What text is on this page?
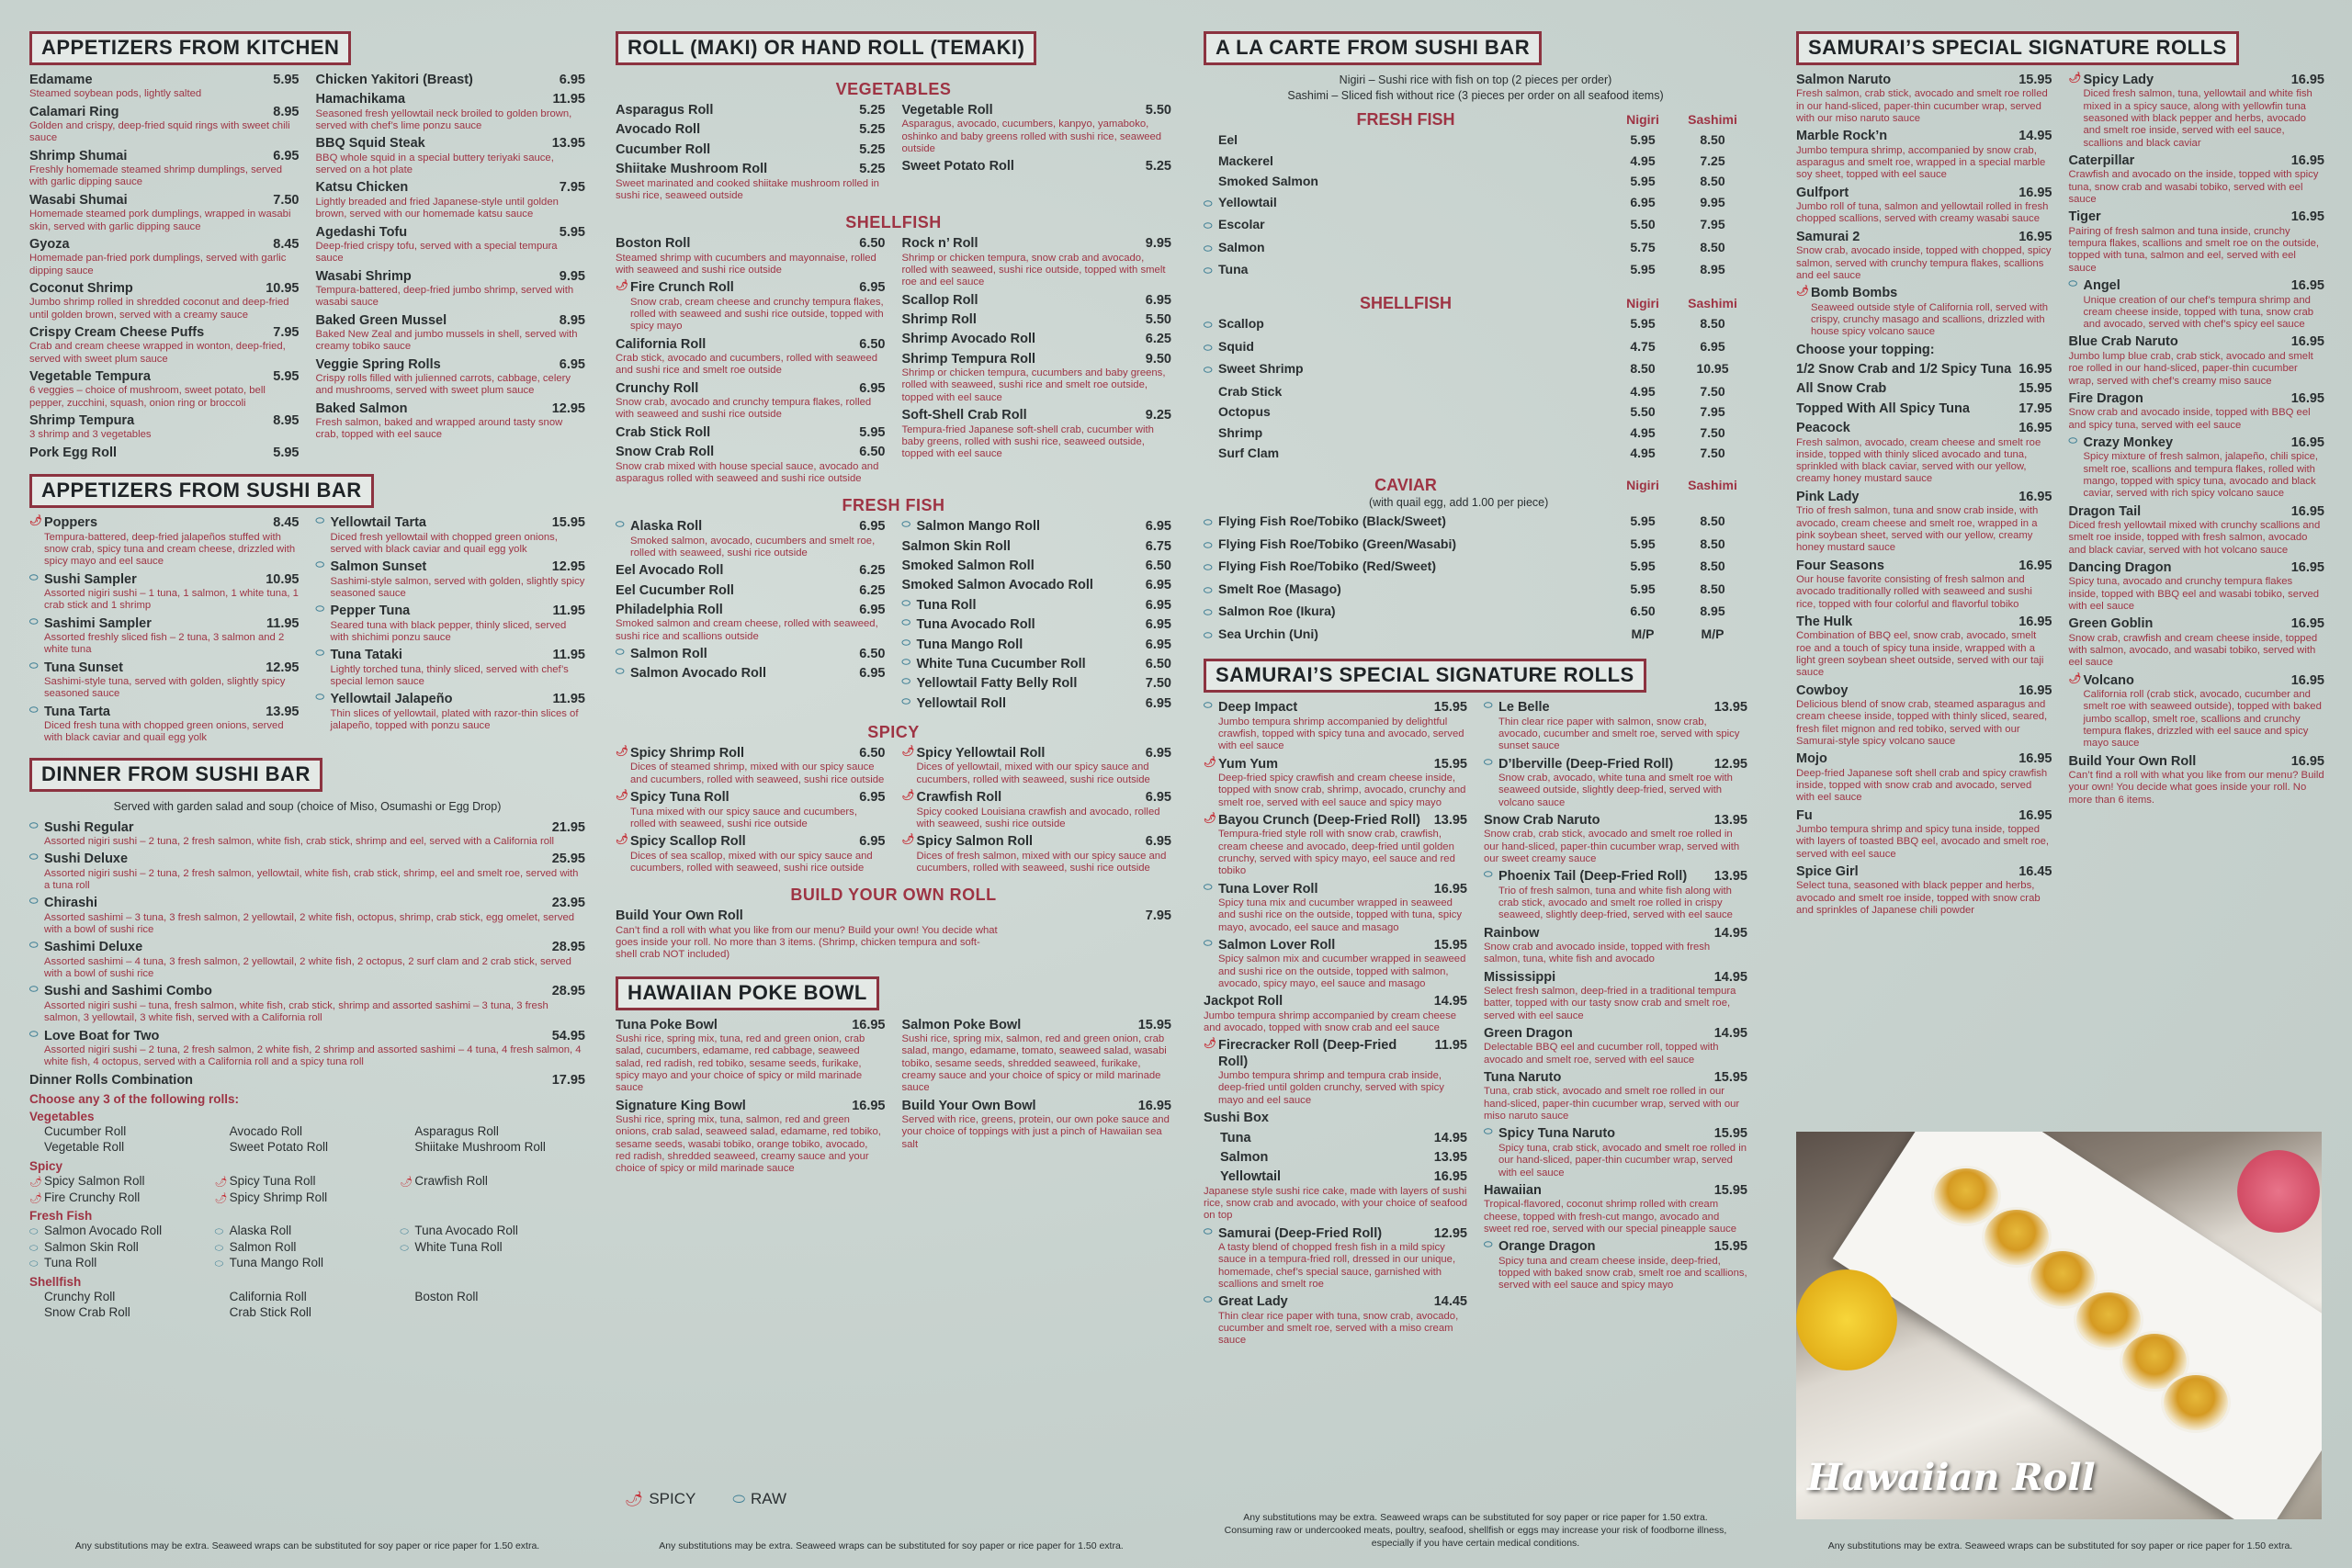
APPETIZERS FROM KITCHEN
Edamame	5.95
Steamed soybean pods, lightly salted
Calamari Ring	8.95
Golden and crispy, deep-fried squid rings with sweet chili sauce
Shrimp Shumai	6.95
Freshly homemade steamed shrimp dumplings, served with garlic dipping sauce
Wasabi Shumai	7.50
Homemade steamed pork dumplings, wrapped in wasabi skin, served with garlic dipping sauce
Gyoza	8.45
Homemade pan-fried pork dumplings, served with garlic dipping sauce
Coconut Shrimp	10.95
Jumbo shrimp rolled in shredded coconut and deep-fried until golden brown, served with a creamy sauce
Crispy Cream Cheese Puffs	7.95
Crab and cream cheese wrapped in wonton, deep-fried, served with sweet plum sauce
Vegetable Tempura	5.95
6 veggies – choice of mushroom, sweet potato, bell pepper, zucchini, squash, onion ring or broccoli
Shrimp Tempura	8.95
3 shrimp and 3 vegetables
Pork Egg Roll	5.95
Chicken Yakitori (Breast)	6.95
Hamachikama	11.95
Seasoned fresh yellowtail neck broiled to golden brown, served with chef’s lime ponzu sauce
BBQ Squid Steak	13.95
BBQ whole squid in a special buttery teriyaki sauce, served on a hot plate
Katsu Chicken	7.95
Lightly breaded and fried Japanese-style until golden brown, served with our homemade katsu sauce
Agedashi Tofu	5.95
Deep-fried crispy tofu, served with a special tempura sauce
Wasabi Shrimp	9.95
Tempura-battered, deep-fried jumbo shrimp, served with wasabi sauce
Baked Green Mussel	8.95
Baked New Zeal and jumbo mussels in shell, served with creamy tobiko sauce
Veggie Spring Rolls	6.95
Crispy rolls filled with julienned carrots, cabbage, celery and mushrooms, served with sweet plum sauce
Baked Salmon	12.95
Fresh salmon, baked and wrapped around tasty snow crab, topped with eel sauce
APPETIZERS FROM SUSHI BAR
🌶︎ Poppers	8.45
Tempura-battered, deep-fried jalapeños stuffed with snow crab, spicy tuna and cream cheese, drizzled with spicy mayo and eel sauce
⬭ Sushi Sampler	10.95
Assorted nigiri sushi – 1 tuna, 1 salmon, 1 white tuna, 1 crab stick and 1 shrimp
⬭ Sashimi Sampler	11.95
Assorted freshly sliced fish – 2 tuna, 3 salmon and 2 white tuna
⬭ Tuna Sunset	12.95
Sashimi-style tuna, served with golden, slightly spicy seasoned sauce
⬭ Tuna Tarta	13.95
Diced fresh tuna with chopped green onions, served with black caviar and quail egg yolk
⬭ Yellowtail Tarta	15.95
Diced fresh yellowtail with chopped green onions, served with black caviar and quail egg yolk
⬭ Salmon Sunset	12.95
Sashimi-style salmon, served with golden, slightly spicy seasoned sauce
⬭ Pepper Tuna	11.95
Seared tuna with black pepper, thinly sliced, served with shichimi ponzu sauce
⬭ Tuna Tataki	11.95
Lightly torched tuna, thinly sliced, served with chef’s special lemon sauce
⬭ Yellowtail Jalapeño	11.95
Thin slices of yellowtail, plated with razor-thin slices of jalapeño, topped with ponzu sauce
DINNER FROM SUSHI BAR
Served with garden salad and soup (choice of Miso, Osumashi or Egg Drop)
⬭ Sushi Regular	21.95
Assorted nigiri sushi – 2 tuna, 2 fresh salmon, white fish, crab stick, shrimp and eel, served with a California roll
⬭ Sushi Deluxe	25.95
Assorted nigiri sushi – 2 tuna, 2 fresh salmon, yellowtail, white fish, crab stick, shrimp, eel and smelt roe, served with a tuna roll
⬭ Chirashi	23.95
Assorted sashimi – 3 tuna, 3 fresh salmon, 2 yellowtail, 2 white fish, octopus, shrimp, crab stick, egg omelet, served with a bowl of sushi rice
⬭ Sashimi Deluxe	28.95
Assorted sashimi – 4 tuna, 3 fresh salmon, 2 yellowtail, 2 white fish, 2 octopus, 2 surf clam and 2 crab stick, served with a bowl of sushi rice
⬭ Sushi and Sashimi Combo	28.95
Assorted nigiri sushi – tuna, fresh salmon, white fish, crab stick, shrimp and assorted sashimi – 3 tuna, 3 fresh salmon, 3 yellowtail, 3 white fish, served with a California roll
⬭ Love Boat for Two	54.95
Assorted nigiri sushi – 2 tuna, 2 fresh salmon, 2 white fish, 2 shrimp and assorted sashimi – 4 tuna, 4 fresh salmon, 4 white fish, 4 octopus, served with a California roll and a spicy tuna roll
Dinner Rolls Combination	17.95
Choose any 3 of the following rolls:
Vegetables
Cucumber Roll	Avocado Roll	Asparagus Roll
Vegetable Roll	Sweet Potato Roll	Shiitake Mushroom Roll
Spicy
🌶︎ Spicy Salmon Roll	🌶︎ Spicy Tuna Roll	🌶︎ Crawfish Roll
🌶︎ Fire Crunchy Roll	🌶︎ Spicy Shrimp Roll
Fresh Fish
⬭ Salmon Avocado Roll	⬭ Alaska Roll	⬭ Tuna Avocado Roll
⬭ Salmon Skin Roll	⬭ Salmon Roll	⬭ White Tuna Roll
⬭ Tuna Roll	⬭ Tuna Mango Roll
Shellfish
Crunchy Roll	California Roll	Boston Roll
Snow Crab Roll	Crab Stick Roll
ROLL (MAKI) OR HAND ROLL (TEMAKI)
VEGETABLES
Asparagus Roll	5.25
Avocado Roll	5.25
Cucumber Roll	5.25
Shiitake Mushroom Roll	5.25
Sweet marinated and cooked shiitake mushroom rolled in sushi rice, seaweed outside
Vegetable Roll	5.50
Asparagus, avocado, cucumbers, kanpyo, yamaboko, oshinko and baby greens rolled with sushi rice, seaweed outside
Sweet Potato Roll	5.25
SHELLFISH
Boston Roll	6.50
Steamed shrimp with cucumbers and mayonnaise, rolled with seaweed and sushi rice outside
🌶︎ Fire Crunch Roll	6.95
Snow crab, cream cheese and crunchy tempura flakes, rolled with seaweed and sushi rice outside, topped with spicy mayo
California Roll	6.50
Crab stick, avocado and cucumbers, rolled with seaweed and sushi rice and smelt roe outside
Crunchy Roll	6.95
Snow crab, avocado and crunchy tempura flakes, rolled with seaweed and sushi rice outside
Crab Stick Roll	5.95
Snow Crab Roll	6.50
Snow crab mixed with house special sauce, avocado and asparagus rolled with seaweed and sushi rice outside
Rock n’ Roll	9.95
Shrimp or chicken tempura, snow crab and avocado, rolled with seaweed, sushi rice outside, topped with smelt roe and eel sauce
Scallop Roll	6.95
Shrimp Roll	5.50
Shrimp Avocado Roll	6.25
Shrimp Tempura Roll	9.50
Shrimp or chicken tempura, cucumbers and baby greens, rolled with seaweed, sushi rice and smelt roe outside, topped with eel sauce
Soft-Shell Crab Roll	9.25
Tempura-fried Japanese soft-shell crab, cucumber with baby greens, rolled with sushi rice, seaweed outside, topped with eel sauce
FRESH FISH
⬭ Alaska Roll	6.95
Smoked salmon, avocado, cucumbers and smelt roe, rolled with seaweed, sushi rice outside
Eel Avocado Roll	6.25
Eel Cucumber Roll	6.25
Philadelphia Roll	6.95
Smoked salmon and cream cheese, rolled with seaweed, sushi rice and scallions outside
⬭ Salmon Roll	6.50
⬭ Salmon Avocado Roll	6.95
⬭ Salmon Mango Roll	6.95
Salmon Skin Roll	6.75
Smoked Salmon Roll	6.50
Smoked Salmon Avocado Roll	6.95
⬭ Tuna Roll	6.95
⬭ Tuna Avocado Roll	6.95
⬭ Tuna Mango Roll	6.95
⬭ White Tuna Cucumber Roll	6.50
⬭ Yellowtail Fatty Belly Roll	7.50
⬭ Yellowtail Roll	6.95
SPICY
🌶︎ Spicy Shrimp Roll	6.50
Dices of steamed shrimp, mixed with our spicy sauce and cucumbers, rolled with seaweed, sushi rice outside
🌶︎ Spicy Tuna Roll	6.95
Tuna mixed with our spicy sauce and cucumbers, rolled with seaweed, sushi rice outside
🌶︎ Spicy Scallop Roll	6.95
Dices of sea scallop, mixed with our spicy sauce and cucumbers, rolled with seaweed, sushi rice outside
🌶︎ Spicy Yellowtail Roll	6.95
Dices of yellowtail, mixed with our spicy sauce and cucumbers, rolled with seaweed, sushi rice outside
🌶︎ Crawfish Roll	6.95
Spicy cooked Louisiana crawfish and avocado, rolled with seaweed, sushi rice outside
🌶︎ Spicy Salmon Roll	6.95
Dices of fresh salmon, mixed with our spicy sauce and cucumbers, rolled with seaweed, sushi rice outside
BUILD YOUR OWN ROLL
Build Your Own Roll	7.95
Can’t find a roll with what you like from our menu? Build your own! You decide what goes inside your roll. No more than 3 items. (Shrimp, chicken tempura and soft-shell crab NOT included)
HAWAIIAN POKE BOWL
Tuna Poke Bowl	16.95
Sushi rice, spring mix, tuna, red and green onion, crab salad, cucumbers, edamame, red cabbage, seaweed salad, red radish, red tobiko, sesame seeds, furikake, spicy mayo and your choice of spicy or mild marinade sauce
Signature King Bowl	16.95
Sushi rice, spring mix, tuna, salmon, red and green onions, crab salad, seaweed salad, edamame, red tobiko, sesame seeds, wasabi tobiko, orange tobiko, avocado, red radish, shredded seaweed, creamy sauce and your choice of spicy or mild marinade sauce
Salmon Poke Bowl	15.95
Sushi rice, spring mix, salmon, red and green onion, crab salad, mango, edamame, tomato, seaweed salad, wasabi tobiko, sesame seeds, shredded seaweed, furikake, creamy sauce and your choice of spicy or mild marinade sauce
Build Your Own Bowl	16.95
Served with rice, greens, protein, our own poke sauce and your choice of toppings with just a pinch of Hawaiian sea salt
🌶︎ SPICY	⬭ RAW
A LA CARTE FROM SUSHI BAR
Nigiri – Sushi rice with fish on top (2 pieces per order)
Sashimi – Sliced fish without rice (3 pieces per order on all seafood items)
FRESH FISH	Nigiri	Sashimi
Eel	5.95	8.50
Mackerel	4.95	7.25
Smoked Salmon	5.95	8.50
⬭ Yellowtail	6.95	9.95
⬭ Escolar	5.50	7.95
⬭ Salmon	5.75	8.50
⬭ Tuna	5.95	8.95
SHELLFISH	Nigiri	Sashimi
⬭ Scallop	5.95	8.50
⬭ Squid	4.75	6.95
⬭ Sweet Shrimp	8.50	10.95
Crab Stick	4.95	7.50
Octopus	5.50	7.95
Shrimp	4.95	7.50
Surf Clam	4.95	7.50
CAVIAR	Nigiri	Sashimi
(with quail egg, add 1.00 per piece)
⬭ Flying Fish Roe/Tobiko (Black/Sweet)	5.95	8.50
⬭ Flying Fish Roe/Tobiko (Green/Wasabi)	5.95	8.50
⬭ Flying Fish Roe/Tobiko (Red/Sweet)	5.95	8.50
⬭ Smelt Roe (Masago)	5.95	8.50
⬭ Salmon Roe (Ikura)	6.50	8.95
⬭ Sea Urchin (Uni)	M/P	M/P
SAMURAI’S SPECIAL SIGNATURE ROLLS
⬭ Deep Impact	15.95
Jumbo tempura shrimp accompanied by delightful crawfish, topped with spicy tuna and avocado, served with eel sauce
🌶︎ Yum Yum	15.95
Deep-fried spicy crawfish and cream cheese inside, topped with snow crab, shrimp, avocado, crunchy and smelt roe, served with eel sauce and spicy mayo
🌶︎ Bayou Crunch (Deep-Fried Roll)	13.95
Tempura-fried style roll with snow crab, crawfish, cream cheese and avocado, deep-fried until golden crunchy, served with spicy mayo, eel sauce and red tobiko
⬭ Tuna Lover Roll	16.95
Spicy tuna mix and cucumber wrapped in seaweed and sushi rice on the outside, topped with tuna, spicy mayo, avocado, eel sauce and masago
⬭ Salmon Lover Roll	15.95
Spicy salmon mix and cucumber wrapped in seaweed and sushi rice on the outside, topped with salmon, avocado, spicy mayo, eel sauce and masago
Jackpot Roll	14.95
Jumbo tempura shrimp accompanied by cream cheese and avocado, topped with snow crab and eel sauce
🌶︎ Firecracker Roll (Deep-Fried Roll)
11.95
Jumbo tempura shrimp and tempura crab inside, deep-fried until golden crunchy, served with spicy mayo and eel sauce
Sushi Box
Tuna	14.95
Salmon	13.95
Yellowtail	16.95
Japanese style sushi rice cake, made with layers of sushi rice, snow crab and avocado, with your choice of seafood on top
⬭ Samurai (Deep-Fried Roll)	12.95
A tasty blend of chopped fresh fish in a mild spicy sauce in a tempura-fried roll, dressed in our unique, homemade, chef’s special sauce, garnished with scallions and smelt roe
⬭ Great Lady	14.45
Thin clear rice paper with tuna, snow crab, avocado, cucumber and smelt roe, served with a miso cream sauce
⬭ Le Belle	13.95
Thin clear rice paper with salmon, snow crab, avocado, cucumber and smelt roe, served with spicy sunset sauce
⬭ D’Iberville (Deep-Fried Roll)	12.95
Snow crab, avocado, white tuna and smelt roe with seaweed outside, slightly deep-fried, served with volcano sauce
Snow Crab Naruto	13.95
Snow crab, crab stick, avocado and smelt roe rolled in our hand-sliced, paper-thin cucumber wrap, served with our sweet creamy sauce
⬭ Phoenix Tail (Deep-Fried Roll)	13.95
Trio of fresh salmon, tuna and white fish along with crab stick, avocado and smelt roe rolled in crispy seaweed, slightly deep-fried, served with eel sauce
Rainbow	14.95
Snow crab and avocado inside, topped with fresh salmon, tuna, white fish and avocado
Mississippi	14.95
Select fresh salmon, deep-fried in a traditional tempura batter, topped with our tasty snow crab and smelt roe, served with eel sauce
Green Dragon	14.95
Delectable BBQ eel and cucumber roll, topped with avocado and smelt roe, served with eel sauce
Tuna Naruto	15.95
Tuna, crab stick, avocado and smelt roe rolled in our hand-sliced, paper-thin cucumber wrap, served with our miso naruto sauce
⬭ Spicy Tuna Naruto	15.95
Spicy tuna, crab stick, avocado and smelt roe rolled in our hand-sliced, paper-thin cucumber wrap, served with eel sauce
Hawaiian	15.95
Tropical-flavored, coconut shrimp rolled with cream cheese, topped with fresh-cut mango, avocado and sweet red roe, served with our special pineapple sauce
⬭ Orange Dragon	15.95
Spicy tuna and cream cheese inside, deep-fried, topped with baked snow crab, smelt roe and scallions, served with eel sauce and spicy mayo
SAMURAI’S SPECIAL SIGNATURE ROLLS
Salmon Naruto	15.95
Fresh salmon, crab stick, avocado and smelt roe rolled in our hand-sliced, paper-thin cucumber wrap, served with our miso naruto sauce
Marble Rock’n	14.95
Jumbo tempura shrimp, accompanied by snow crab, asparagus and smelt roe, wrapped in a special marble soy sheet, topped with eel sauce
Gulfport	16.95
Jumbo roll of tuna, salmon and yellowtail rolled in fresh chopped scallions, served with creamy wasabi sauce
Samurai 2	16.95
Snow crab, avocado inside, topped with chopped, spicy salmon, served with crunchy tempura flakes, scallions and eel sauce
🌶︎ Bomb Bombs
Seaweed outside style of California roll, served with crispy, crunchy masago and scallions, drizzled with house spicy volcano sauce
Choose your topping:
1/2 Snow Crab and 1/2 Spicy Tuna 16.95
All Snow Crab	15.95
Topped With All Spicy Tuna	17.95
Peacock	16.95
Fresh salmon, avocado, cream cheese and smelt roe inside, topped with thinly sliced avocado and tuna, sprinkled with black caviar, served with our yellow, creamy honey mustard sauce
Pink Lady	16.95
Trio of fresh salmon, tuna and snow crab inside, with avocado, cream cheese and smelt roe, wrapped in a pink soybean sheet, served with our yellow, creamy honey mustard sauce
Four Seasons	16.95
Our house favorite consisting of fresh salmon and avocado traditionally rolled with seaweed and sushi rice, topped with four colorful and flavorful tobiko
The Hulk	16.95
Combination of BBQ eel, snow crab, avocado, smelt roe and a touch of spicy tuna inside, wrapped with a light green soybean sheet outside, served with our taji sauce
Cowboy	16.95
Delicious blend of snow crab, steamed asparagus and cream cheese inside, topped with thinly sliced, seared, fresh filet mignon and red tobiko, served with our Samurai-style spicy volcano sauce
Mojo	16.95
Deep-fried Japanese soft shell crab and spicy crawfish inside, topped with snow crab and avocado, served with eel sauce
Fu	16.95
Jumbo tempura shrimp and spicy tuna inside, topped with layers of toasted BBQ eel, avocado and smelt roe, served with eel sauce
Spice Girl	16.45
Select tuna, seasoned with black pepper and herbs, avocado and smelt roe inside, topped with snow crab and sprinkles of Japanese chili powder
🌶︎ Spicy Lady	16.95
Diced fresh salmon, tuna, yellowtail and white fish mixed in a spicy sauce, along with yellowfin tuna seasoned with black pepper and herbs, avocado and smelt roe inside, served with eel sauce, scallions and black caviar
Caterpillar	16.95
Crawfish and avocado on the inside, topped with spicy tuna, snow crab and wasabi tobiko, served with eel sauce
Tiger	16.95
Pairing of fresh salmon and tuna inside, crunchy tempura flakes, scallions and smelt roe on the outside, topped with tuna, salmon and eel, served with eel sauce
⬭ Angel	16.95
Unique creation of our chef’s tempura shrimp and cream cheese inside, topped with tuna, snow crab and avocado, served with chef’s spicy eel sauce
Blue Crab Naruto	16.95
Jumbo lump blue crab, crab stick, avocado and smelt roe rolled in our hand-sliced, paper-thin cucumber wrap, served with chef’s creamy miso sauce
Fire Dragon	16.95
Snow crab and avocado inside, topped with BBQ eel and spicy tuna, served with eel sauce
⬭ Crazy Monkey	16.95
Spicy mixture of fresh salmon, jalapeño, chili spice, smelt roe, scallions and tempura flakes, rolled with mango, topped with spicy tuna, avocado and black caviar, served with rich spicy volcano sauce
Dragon Tail	16.95
Diced fresh yellowtail mixed with crunchy scallions and smelt roe inside, topped with fresh salmon, avocado and black caviar, served with hot volcano sauce
Dancing Dragon	16.95
Spicy tuna, avocado and crunchy tempura flakes inside, topped with BBQ eel and wasabi tobiko, served with eel sauce
Green Goblin	16.95
Snow crab, crawfish and cream cheese inside, topped with salmon, avocado, and wasabi tobiko, served with eel sauce
🌶︎ Volcano	16.95
California roll (crab stick, avocado, cucumber and smelt roe with seaweed outside), topped with baked jumbo scallop, smelt roe, scallions and crunchy tempura flakes, drizzled with eel sauce and spicy mayo sauce
Build Your Own Roll	16.95
Can’t find a roll with what you like from our menu? Build your own! You decide what goes inside your roll. No more than 6 items.
Hawaiian Roll
Any substitutions may be extra. Seaweed wraps can be substituted for soy paper or rice paper for 1.50 extra.	Any substitutions may be extra. Seaweed wraps can be substituted for soy paper or rice paper for 1.50 extra.
Any substitutions may be extra. Seaweed wraps can be substituted for soy paper or rice paper for 1.50 extra.
Consuming raw or undercooked meats, poultry, seafood, shellfish or eggs may increase your risk of foodborne illness, especially if you have certain medical conditions.	Any substitutions may be extra. Seaweed wraps can be substituted for soy paper or rice paper for 1.50 extra.
